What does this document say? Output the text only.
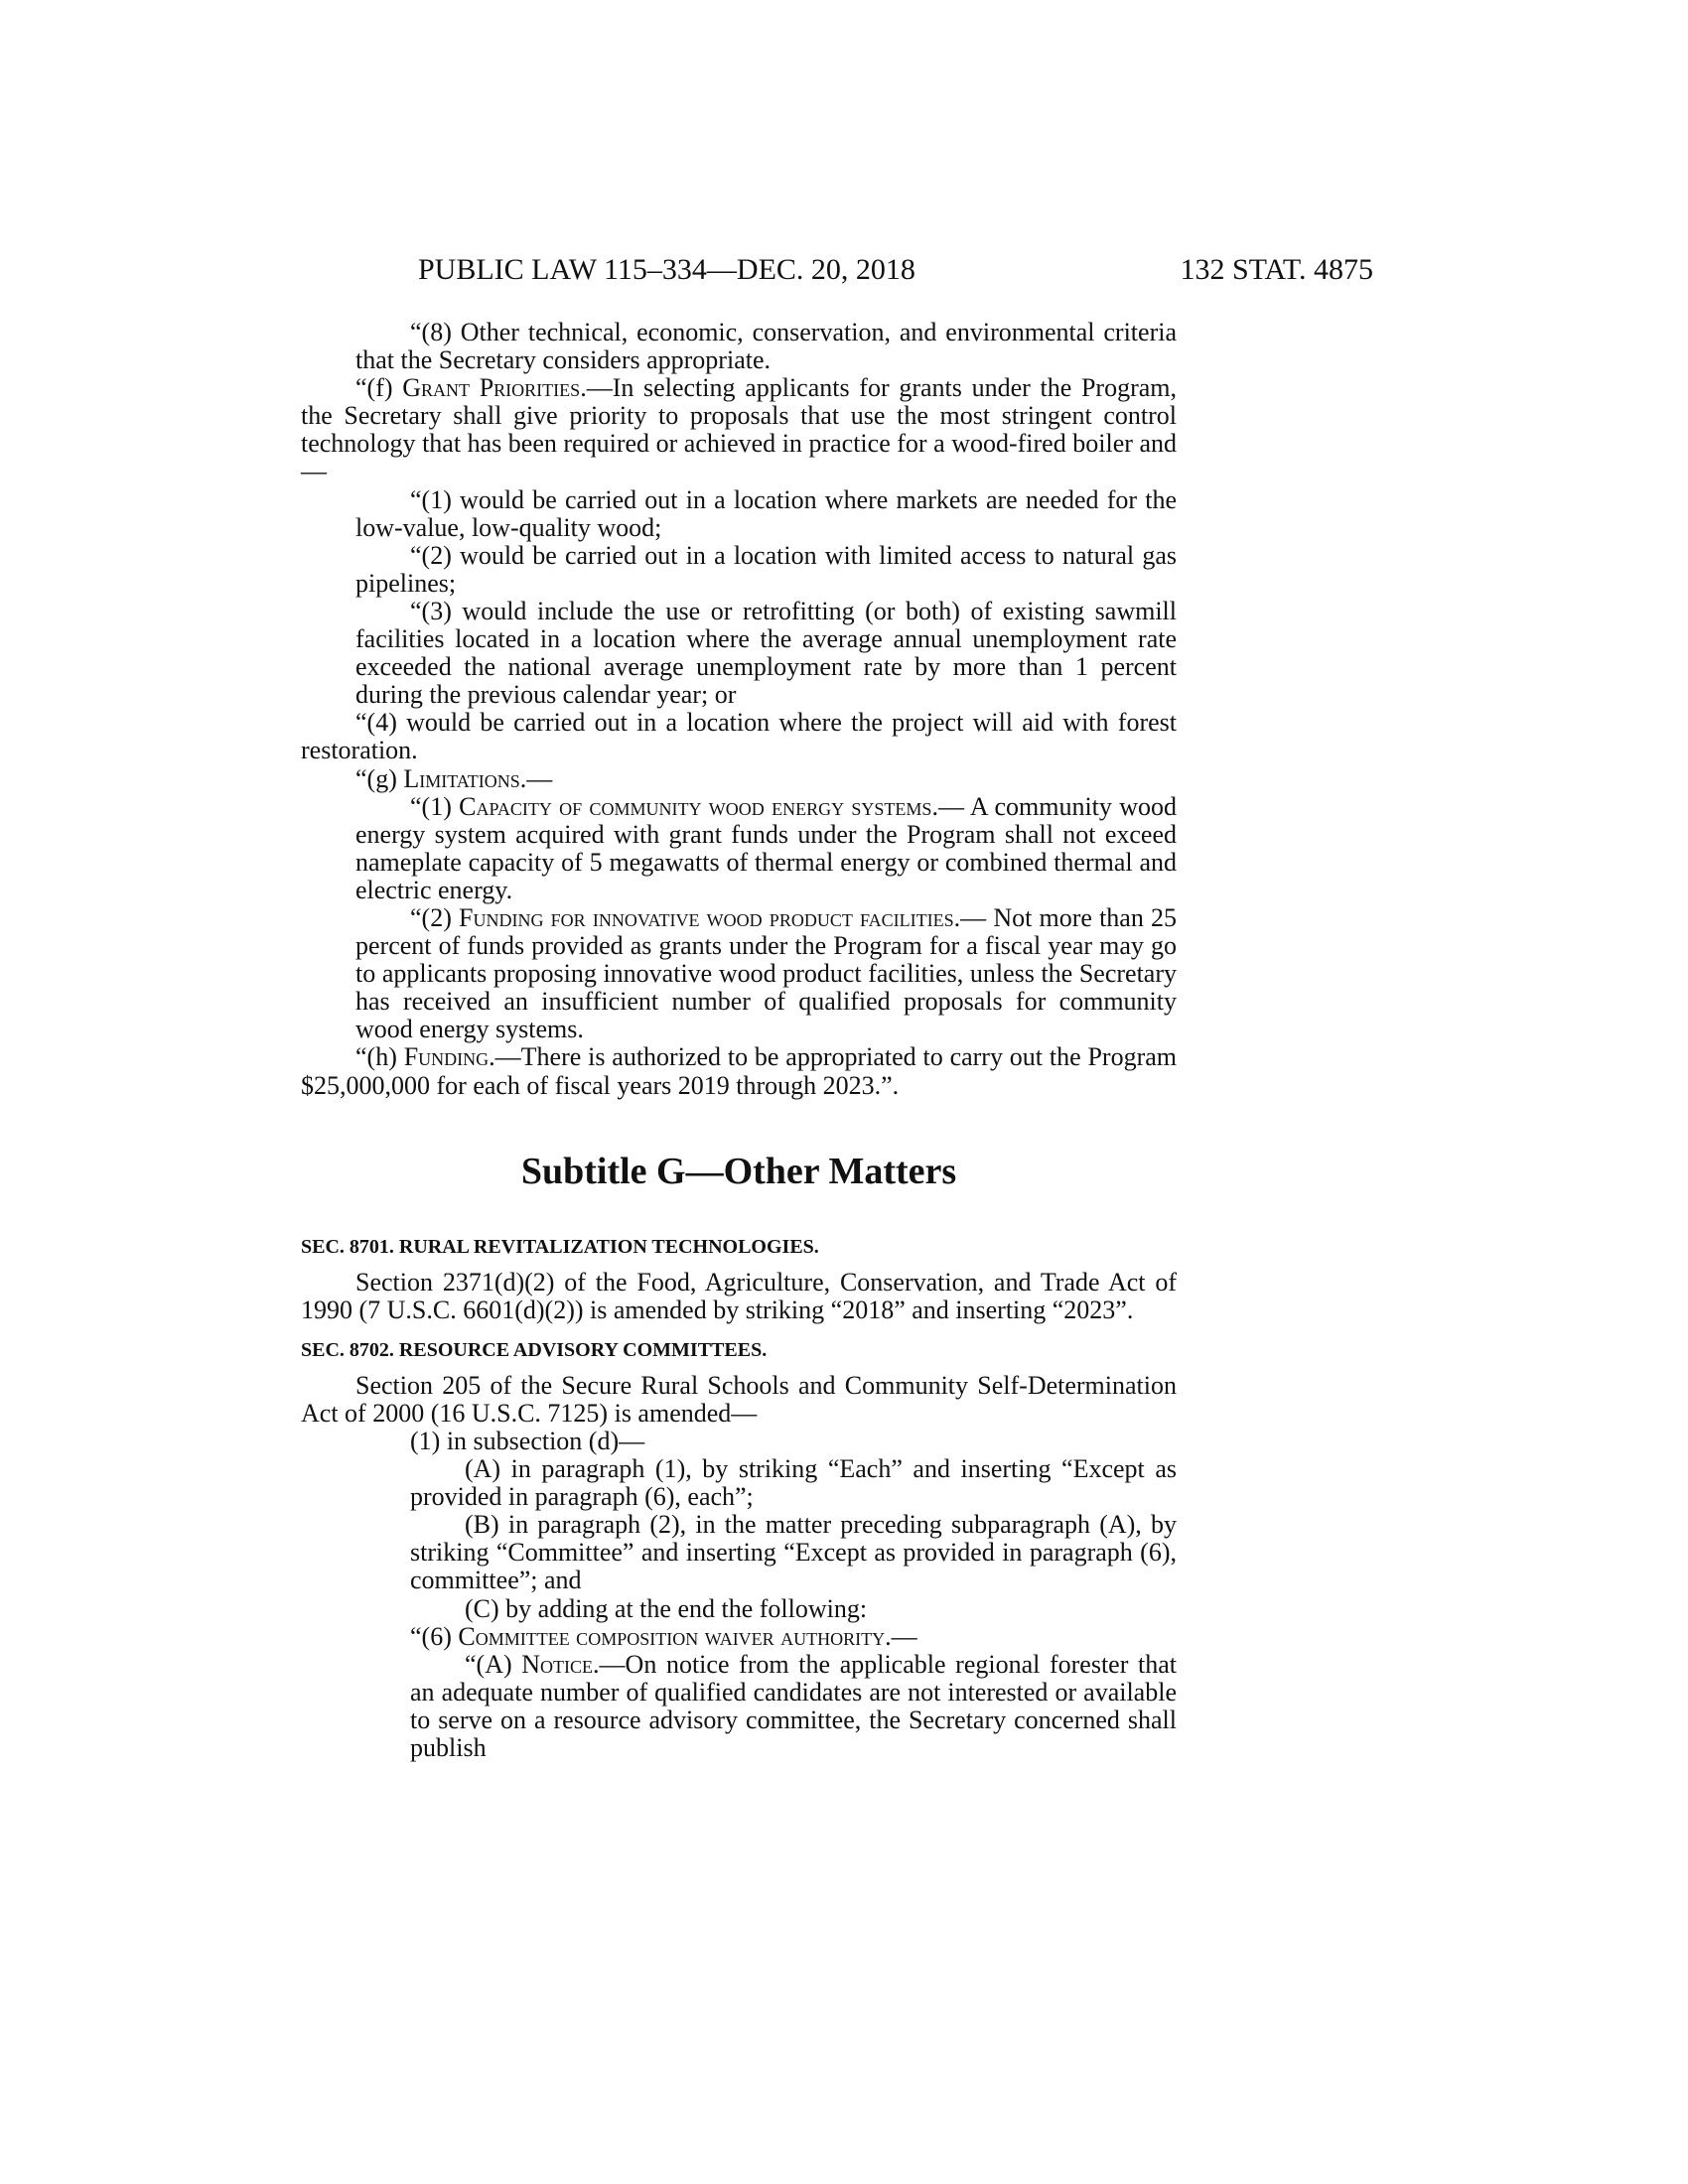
PUBLIC LAW 115–334—DEC. 20, 2018	132 STAT. 4875

“(8) Other technical, economic, conservation, and environmental criteria that the Secretary considers appropriate.

“(f) Grant Priorities.—In selecting applicants for grants under the Program, the Secretary shall give priority to proposals that use the most stringent control technology that has been required or achieved in practice for a wood-fired boiler and—

“(1) would be carried out in a location where markets are needed for the low-value, low-quality wood;

“(2) would be carried out in a location with limited access to natural gas pipelines;

“(3) would include the use or retrofitting (or both) of existing sawmill facilities located in a location where the average annual unemployment rate exceeded the national average unemployment rate by more than 1 percent during the previous calendar year; or

“(4) would be carried out in a location where the project will aid with forest restoration.

“(g) Limitations.—

“(1) Capacity of community wood energy systems.— A community wood energy system acquired with grant funds under the Program shall not exceed nameplate capacity of 5 megawatts of thermal energy or combined thermal and electric energy.

“(2) Funding for innovative wood product facilities.— Not more than 25 percent of funds provided as grants under the Program for a fiscal year may go to applicants proposing innovative wood product facilities, unless the Secretary has received an insufficient number of qualified proposals for community wood energy systems.

“(h) Funding.—There is authorized to be appropriated to carry out the Program $25,000,000 for each of fiscal years 2019 through 2023.”.

Subtitle G—Other Matters

SEC. 8701. RURAL REVITALIZATION TECHNOLOGIES.

Section 2371(d)(2) of the Food, Agriculture, Conservation, and Trade Act of 1990 (7 U.S.C. 6601(d)(2)) is amended by striking “2018” and inserting “2023”.

SEC. 8702. RESOURCE ADVISORY COMMITTEES.

Section 205 of the Secure Rural Schools and Community Self-Determination Act of 2000 (16 U.S.C. 7125) is amended—

(1) in subsection (d)—

(A) in paragraph (1), by striking “Each” and inserting “Except as provided in paragraph (6), each”;

(B) in paragraph (2), in the matter preceding subparagraph (A), by striking “Committee” and inserting “Except as provided in paragraph (6), committee”; and

(C) by adding at the end the following:

“(6) Committee composition waiver authority.—

“(A) Notice.—On notice from the applicable regional forester that an adequate number of qualified candidates are not interested or available to serve on a resource advisory committee, the Secretary concerned shall publish
